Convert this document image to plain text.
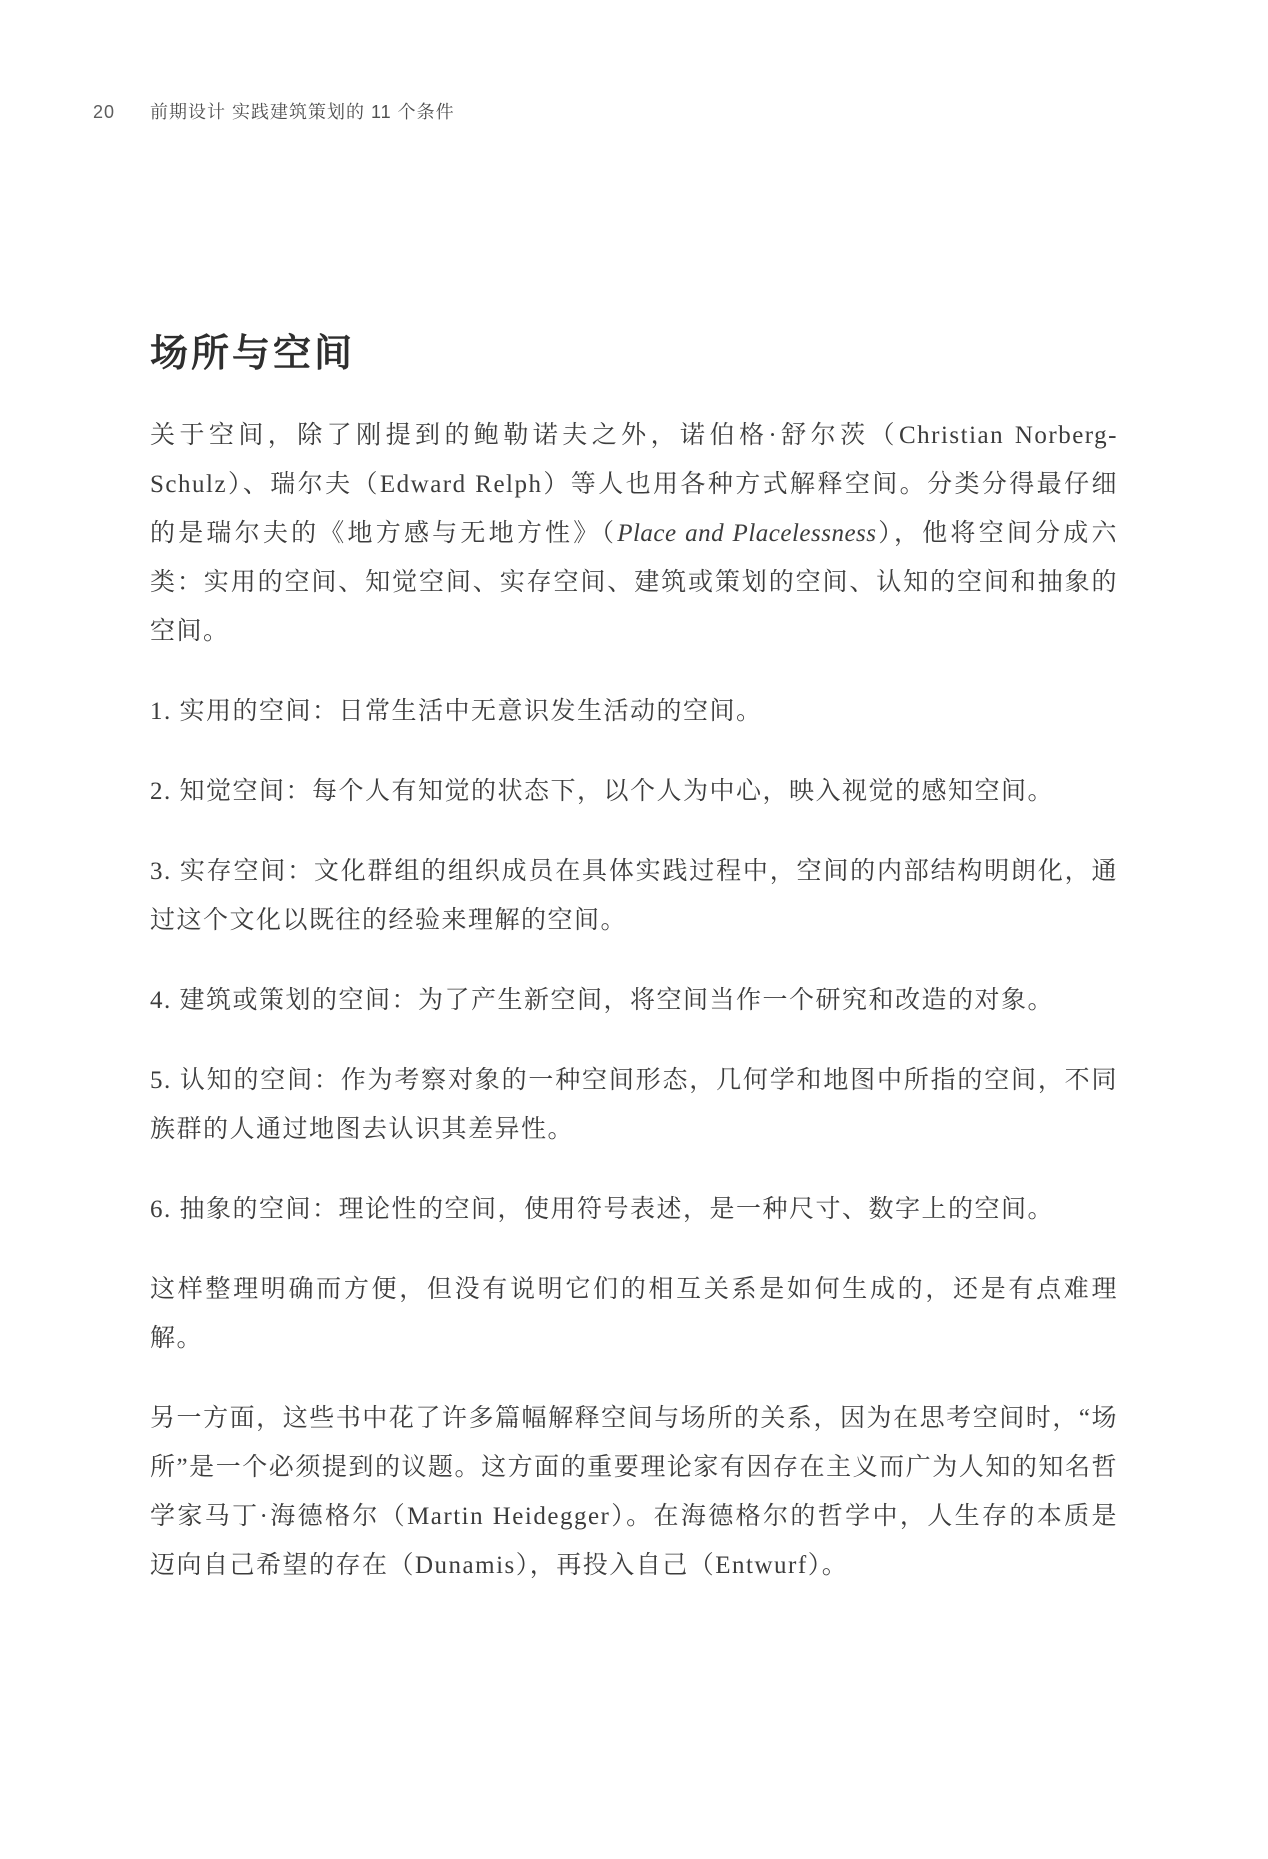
20	前期设计 实践建筑策划的 11 个条件
场所与空间

关于空间，除了刚提到的鲍勒诺夫之外，诺伯格·舒尔茨（Christian Norberg-Schulz）、瑞尔夫（Edward Relph）等人也用各种方式解释空间。分类分得最仔细的是瑞尔夫的《地方感与无地方性》（Place and Placelessness），他将空间分成六类：实用的空间、知觉空间、实存空间、建筑或策划的空间、认知的空间和抽象的空间。

1. 实用的空间：日常生活中无意识发生活动的空间。

2. 知觉空间：每个人有知觉的状态下，以个人为中心，映入视觉的感知空间。

3. 实存空间：文化群组的组织成员在具体实践过程中，空间的内部结构明朗化，通过这个文化以既往的经验来理解的空间。

4. 建筑或策划的空间：为了产生新空间，将空间当作一个研究和改造的对象。

5. 认知的空间：作为考察对象的一种空间形态，几何学和地图中所指的空间，不同族群的人通过地图去认识其差异性。

6. 抽象的空间：理论性的空间，使用符号表述，是一种尺寸、数字上的空间。

这样整理明确而方便，但没有说明它们的相互关系是如何生成的，还是有点难理解。

另一方面，这些书中花了许多篇幅解释空间与场所的关系，因为在思考空间时，“场所”是一个必须提到的议题。这方面的重要理论家有因存在主义而广为人知的知名哲学家马丁·海德格尔（Martin Heidegger）。在海德格尔的哲学中，人生存的本质是迈向自己希望的存在（Dunamis），再投入自己（Entwurf）。
